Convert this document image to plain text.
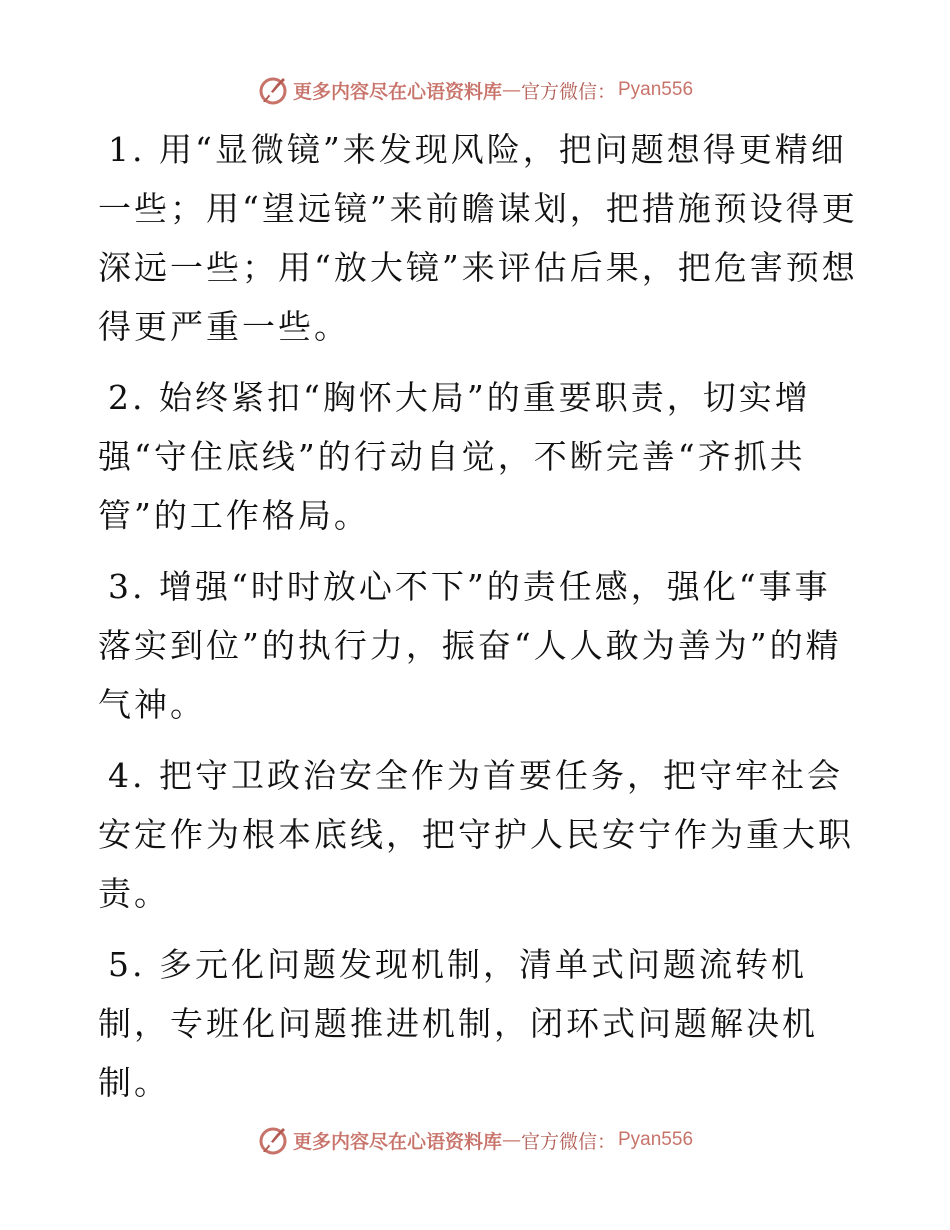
更多内容尽在心语资料库 — 官方微信： Pyan556

1. 用“显微镜”来发现风险，把问题想得更精细一些；用“望远镜”来前瞻谋划，把措施预设得更深远一些；用“放大镜”来评估后果，把危害预想得更严重一些。

2. 始终紧扣“胸怀大局”的重要职责，切实增强“守住底线”的行动自觉，不断完善“齐抓共管”的工作格局。

3. 增强“时时放心不下”的责任感，强化“事事落实到位”的执行力，振奋“人人敢为善为”的精气神。

4. 把守卫政治安全作为首要任务，把守牢社会安定作为根本底线，把守护人民安宁作为重大职责。

5. 多元化问题发现机制，清单式问题流转机制，专班化问题推进机制，闭环式问题解决机制。

更多内容尽在心语资料库 — 官方微信： Pyan556
